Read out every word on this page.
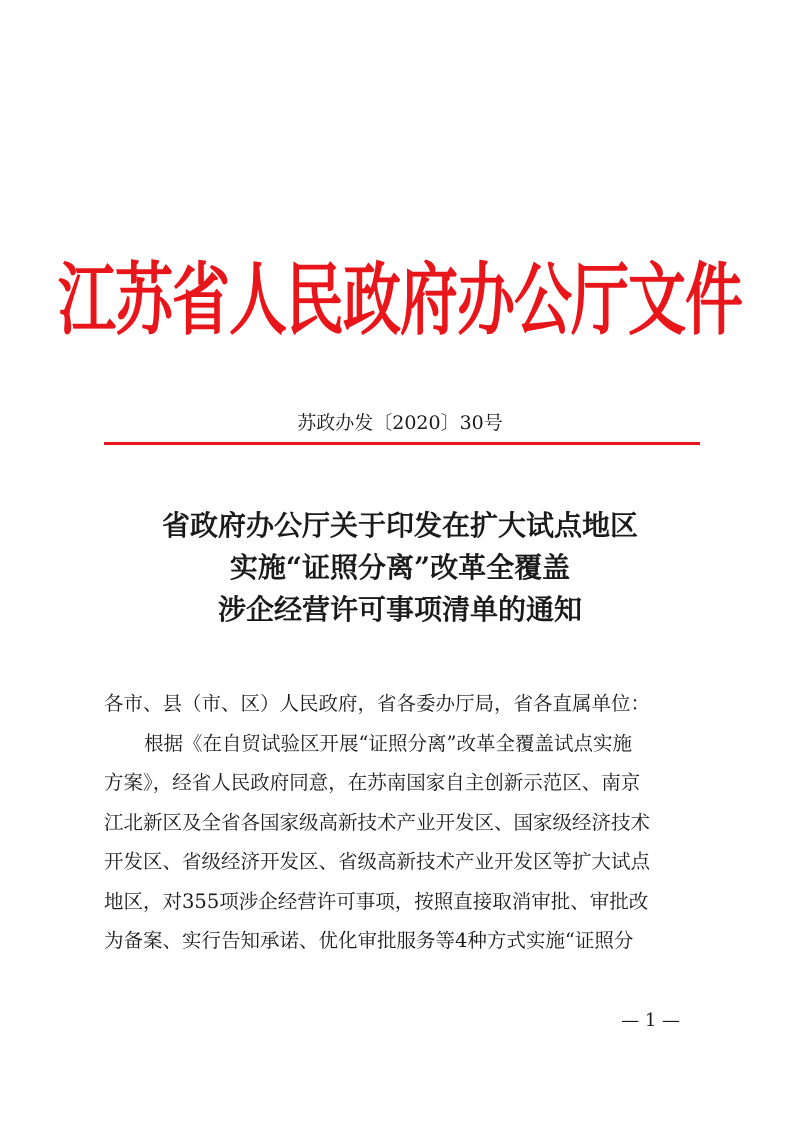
江苏省人民政府办公厅文件
苏政办发〔2020〕30号
省政府办公厅关于印发在扩大试点地区
实施“证照分离”改革全覆盖
涉企经营许可事项清单的通知
各市、县（市、区）人民政府，省各委办厅局，省各直属单位：
根据《在自贸试验区开展“证照分离”改革全覆盖试点实施
方案》，经省人民政府同意，在苏南国家自主创新示范区、南京
江北新区及全省各国家级高新技术产业开发区、国家级经济技术
开发区、省级经济开发区、省级高新技术产业开发区等扩大试点
地区，对355项涉企经营许可事项，按照直接取消审批、审批改
为备案、实行告知承诺、优化审批服务等4种方式实施“证照分
— 1 —
